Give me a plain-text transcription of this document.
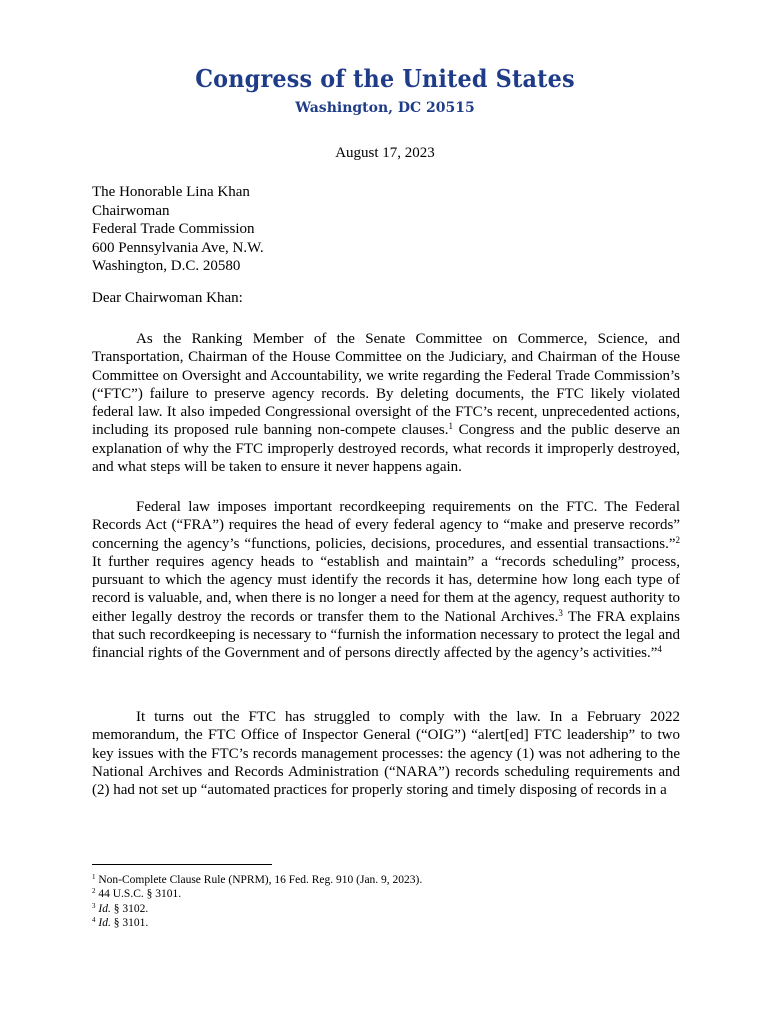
Congress of the United States
Washington, DC 20515
August 17, 2023
The Honorable Lina Khan
Chairwoman
Federal Trade Commission
600 Pennsylvania Ave, N.W.
Washington, D.C. 20580
Dear Chairwoman Khan:

As the Ranking Member of the Senate Committee on Commerce, Science, and Transportation, Chairman of the House Committee on the Judiciary, and Chairman of the House Committee on Oversight and Accountability, we write regarding the Federal Trade Commission’s (“FTC”) failure to preserve agency records. By deleting documents, the FTC likely violated federal law. It also impeded Congressional oversight of the FTC’s recent, unprecedented actions, including its proposed rule banning non-compete clauses.$^1$ Congress and the public deserve an explanation of why the FTC improperly destroyed records, what records it improperly destroyed, and what steps will be taken to ensure it never happens again.

Federal law imposes important recordkeeping requirements on the FTC. The Federal Records Act (“FRA”) requires the head of every federal agency to “make and preserve records” concerning the agency’s “functions, policies, decisions, procedures, and essential transactions.”$^2$ It further requires agency heads to “establish and maintain” a “records scheduling” process, pursuant to which the agency must identify the records it has, determine how long each type of record is valuable, and, when there is no longer a need for them at the agency, request authority to either legally destroy the records or transfer them to the National Archives.$^3$ The FRA explains that such recordkeeping is necessary to “furnish the information necessary to protect the legal and financial rights of the Government and of persons directly affected by the agency’s activities.”$^4$

It turns out the FTC has struggled to comply with the law. In a February 2022 memorandum, the FTC Office of Inspector General (“OIG”) “alert[ed] FTC leadership” to two key issues with the FTC’s records management processes: the agency (1) was not adhering to the National Archives and Records Administration (“NARA”) records scheduling requirements and (2) had not set up “automated practices for properly storing and timely disposing of records in a

$^1$ Non-Complete Clause Rule (NPRM), 16 Fed. Reg. 910 (Jan. 9, 2023).
$^2$ 44 U.S.C. § 3101.
$^3$ Id. § 3102.
$^4$ Id. § 3101.
